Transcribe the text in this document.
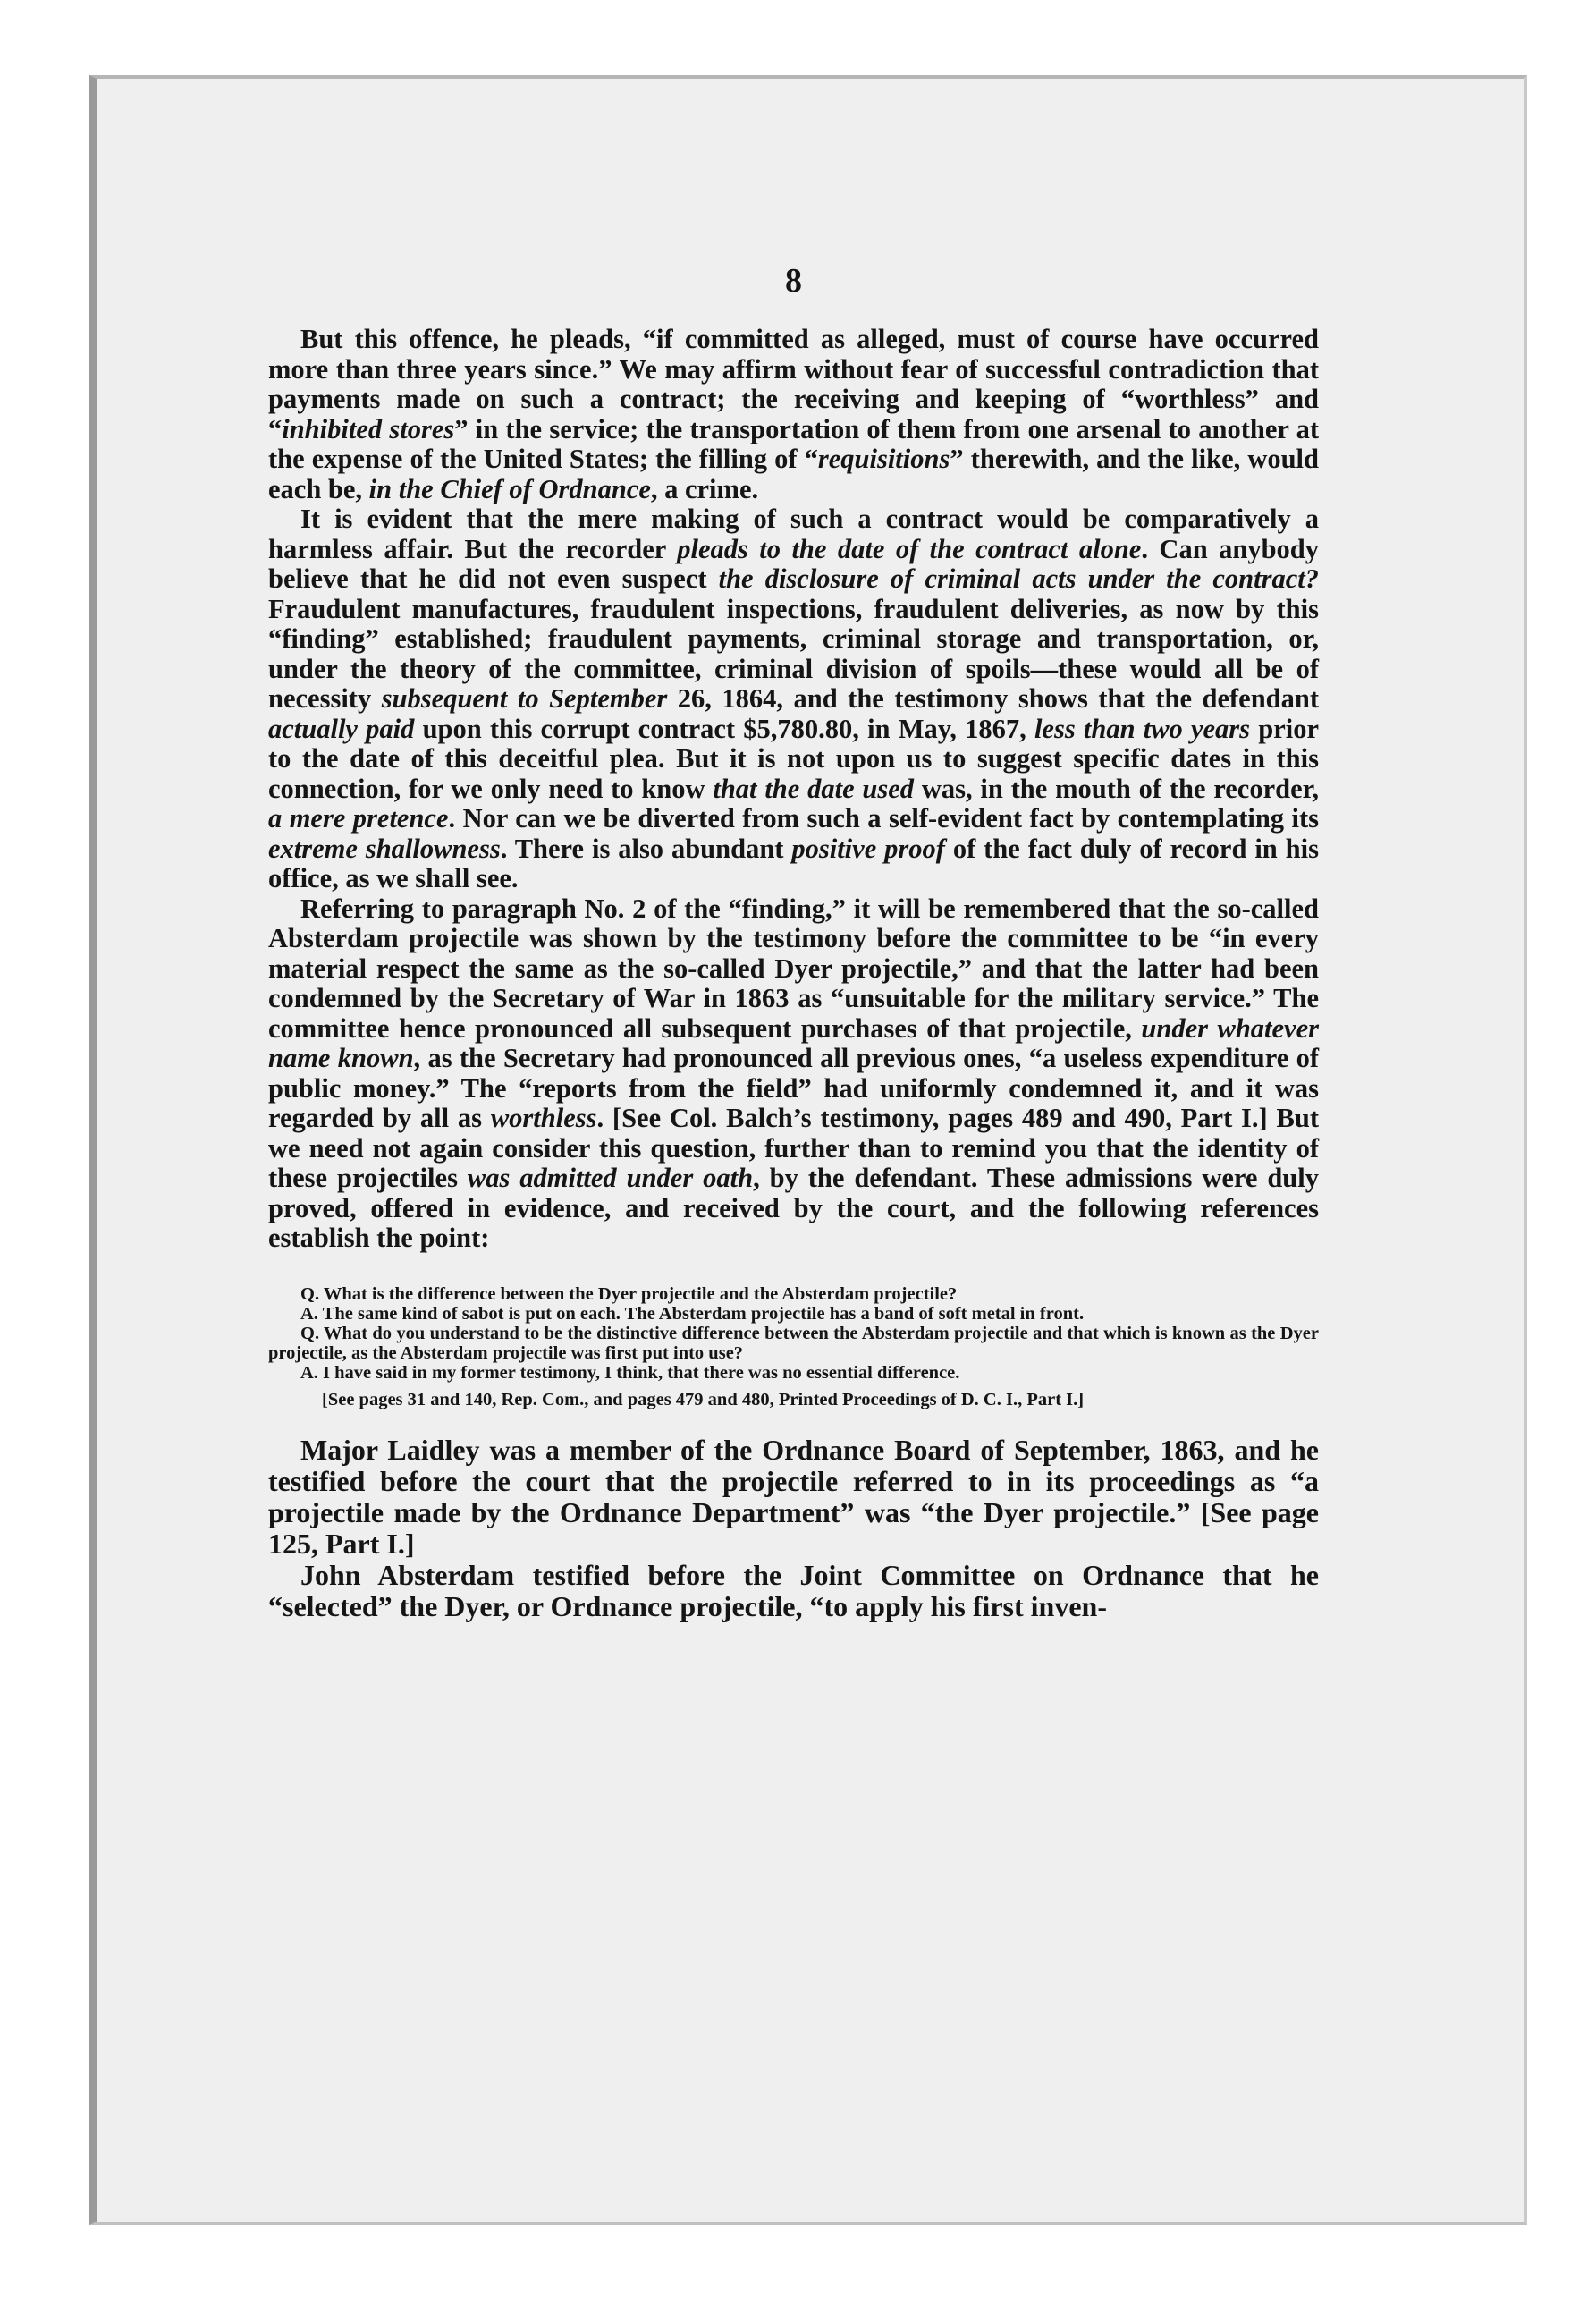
8

But this offence, he pleads, “if committed as alleged, must of course have occurred more than three years since.” We may affirm without fear of successful contradiction that payments made on such a contract; the receiving and keeping of “worthless” and “inhibited stores” in the service; the transportation of them from one arsenal to another at the expense of the United States; the filling of “requisitions” therewith, and the like, would each be, in the Chief of Ordnance, a crime.

It is evident that the mere making of such a contract would be comparatively a harmless affair. But the recorder pleads to the date of the contract alone. Can anybody believe that he did not even suspect the disclosure of criminal acts under the contract? Fraudulent manufactures, fraudulent inspections, fraudulent deliveries, as now by this “finding” established; fraudulent payments, criminal storage and transportation, or, under the theory of the committee, criminal division of spoils—these would all be of necessity subsequent to September 26, 1864, and the testimony shows that the defendant actually paid upon this corrupt contract $5,780.80, in May, 1867, less than two years prior to the date of this deceitful plea. But it is not upon us to suggest specific dates in this connection, for we only need to know that the date used was, in the mouth of the recorder, a mere pretence. Nor can we be diverted from such a self-evident fact by contemplating its extreme shallowness. There is also abundant positive proof of the fact duly of record in his office, as we shall see.

Referring to paragraph No. 2 of the “finding,” it will be remembered that the so-called Absterdam projectile was shown by the testimony before the committee to be “in every material respect the same as the so-called Dyer projectile,” and that the latter had been condemned by the Secretary of War in 1863 as “unsuitable for the military service.” The committee hence pronounced all subsequent purchases of that projectile, under whatever name known, as the Secretary had pronounced all previous ones, “a useless expenditure of public money.” The “reports from the field” had uniformly condemned it, and it was regarded by all as worthless. [See Col. Balch’s testimony, pages 489 and 490, Part I.] But we need not again consider this question, further than to remind you that the identity of these projectiles was admitted under oath, by the defendant. These admissions were duly proved, offered in evidence, and received by the court, and the following references establish the point:

Q. What is the difference between the Dyer projectile and the Absterdam projectile?

A. The same kind of sabot is put on each. The Absterdam projectile has a band of soft metal in front.

Q. What do you understand to be the distinctive difference between the Absterdam projectile and that which is known as the Dyer projectile, as the Absterdam projectile was first put into use?

A. I have said in my former testimony, I think, that there was no essential difference.

[See pages 31 and 140, Rep. Com., and pages 479 and 480, Printed Proceedings of D. C. I., Part I.]

Major Laidley was a member of the Ordnance Board of September, 1863, and he testified before the court that the projectile referred to in its proceedings as “a projectile made by the Ordnance Department” was “the Dyer projectile.” [See page 125, Part I.]

John Absterdam testified before the Joint Committee on Ordnance that he “selected” the Dyer, or Ordnance projectile, “to apply his first inven-
